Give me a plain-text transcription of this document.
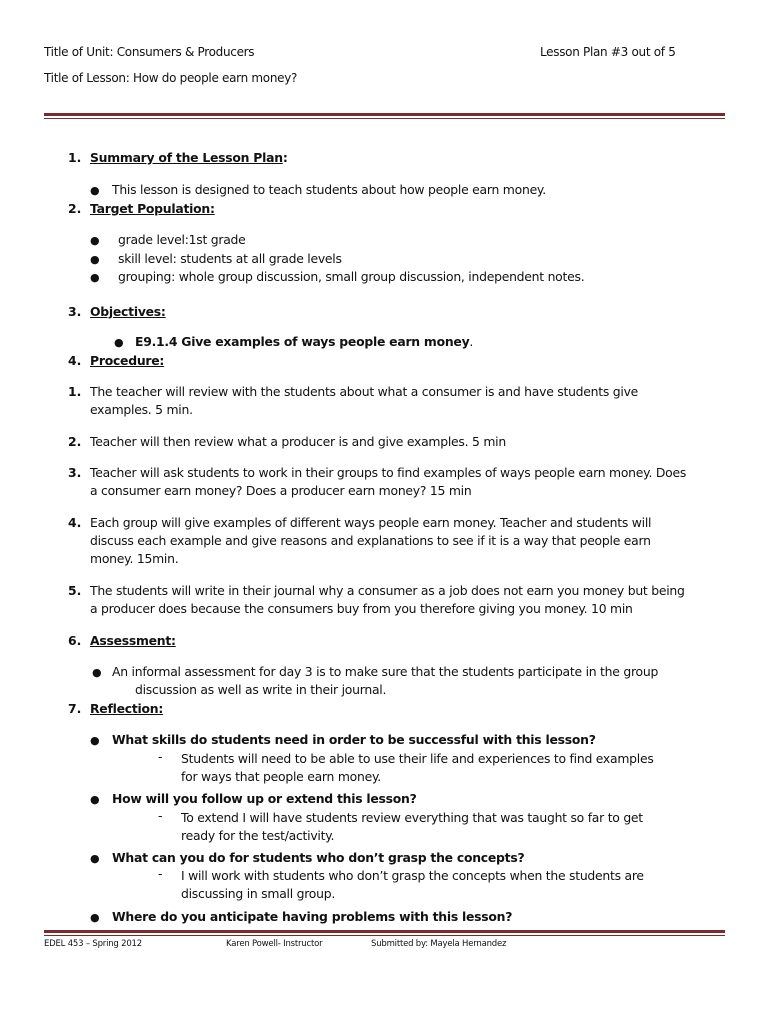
Title of Unit: Consumers & Producers	Lesson Plan #3 out of 5
Title of Lesson: How do people earn money?
1. Summary of the Lesson Plan:
● This lesson is designed to teach students about how people earn money.
2. Target Population:
● grade level:1st grade
● skill level: students at all grade levels
● grouping: whole group discussion, small group discussion, independent notes.
3. Objectives:
● E9.1.4 Give examples of ways people earn money.
4. Procedure:
1. The teacher will review with the students about what a consumer is and have students give
examples. 5 min.
2. Teacher will then review what a producer is and give examples. 5 min
3. Teacher will ask students to work in their groups to find examples of ways people earn money. Does
a consumer earn money? Does a producer earn money? 15 min
4. Each group will give examples of different ways people earn money. Teacher and students will
discuss each example and give reasons and explanations to see if it is a way that people earn
money. 15min.
5. The students will write in their journal why a consumer as a job does not earn you money but being
a producer does because the consumers buy from you therefore giving you money. 10 min
6. Assessment:
● An informal assessment for day 3 is to make sure that the students participate in the group
discussion as well as write in their journal.
7. Reflection:
● What skills do students need in order to be successful with this lesson?
- Students will need to be able to use their life and experiences to find examples
for ways that people earn money.
● How will you follow up or extend this lesson?
- To extend I will have students review everything that was taught so far to get
ready for the test/activity.
● What can you do for students who don’t grasp the concepts?
- I will work with students who don’t grasp the concepts when the students are
discussing in small group.
● Where do you anticipate having problems with this lesson?
EDEL 453 – Spring 2012	Karen Powell- Instructor	Submitted by: Mayela Hernandez
